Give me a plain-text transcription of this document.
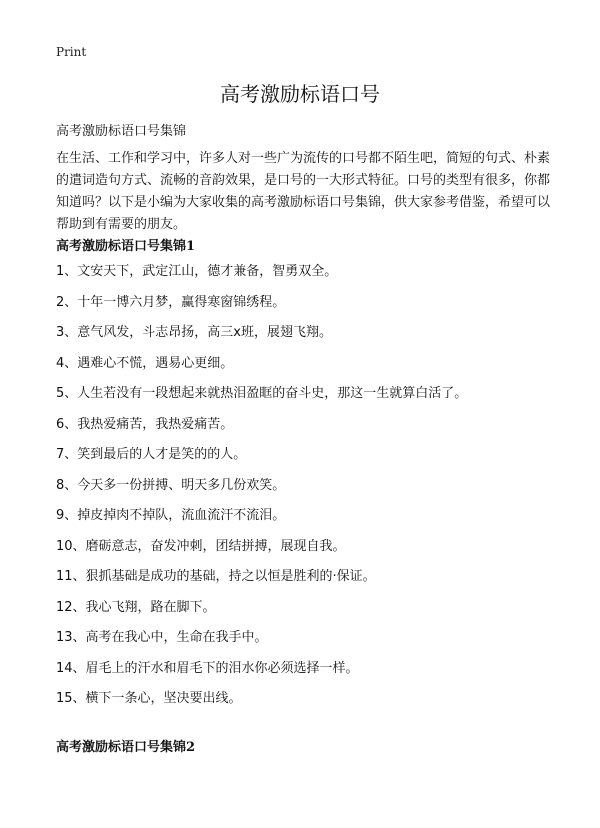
Print
高考激励标语口号
高考激励标语口号集锦

在生活、工作和学习中，许多人对一些广为流传的口号都不陌生吧，简短的句式、朴素的遣词造句方式、流畅的音韵效果，是口号的一大形式特征。口号的类型有很多，你都知道吗？以下是小编为大家收集的高考激励标语口号集锦，供大家参考借鉴，希望可以帮助到有需要的朋友。

高考激励标语口号集锦1
1、文安天下，武定江山，德才兼备，智勇双全。
2、十年一博六月梦，赢得寒窗锦绣程。
3、意气风发，斗志昂扬，高三x班，展翅飞翔。
4、遇难心不慌，遇易心更细。
5、人生若没有一段想起来就热泪盈眶的奋斗史，那这一生就算白活了。
6、我热爱痛苦，我热爱痛苦。
7、笑到最后的人才是笑的的人。
8、今天多一份拼搏、明天多几份欢笑。
9、掉皮掉肉不掉队，流血流汗不流泪。
10、磨砺意志，奋发冲刺，团结拼搏，展现自我。
11、狠抓基础是成功的基础，持之以恒是胜利的·保证。
12、我心飞翔，路在脚下。
13、高考在我心中，生命在我手中。
14、眉毛上的汗水和眉毛下的泪水你必须选择一样。
15、横下一条心，坚决要出线。
高考激励标语口号集锦2
